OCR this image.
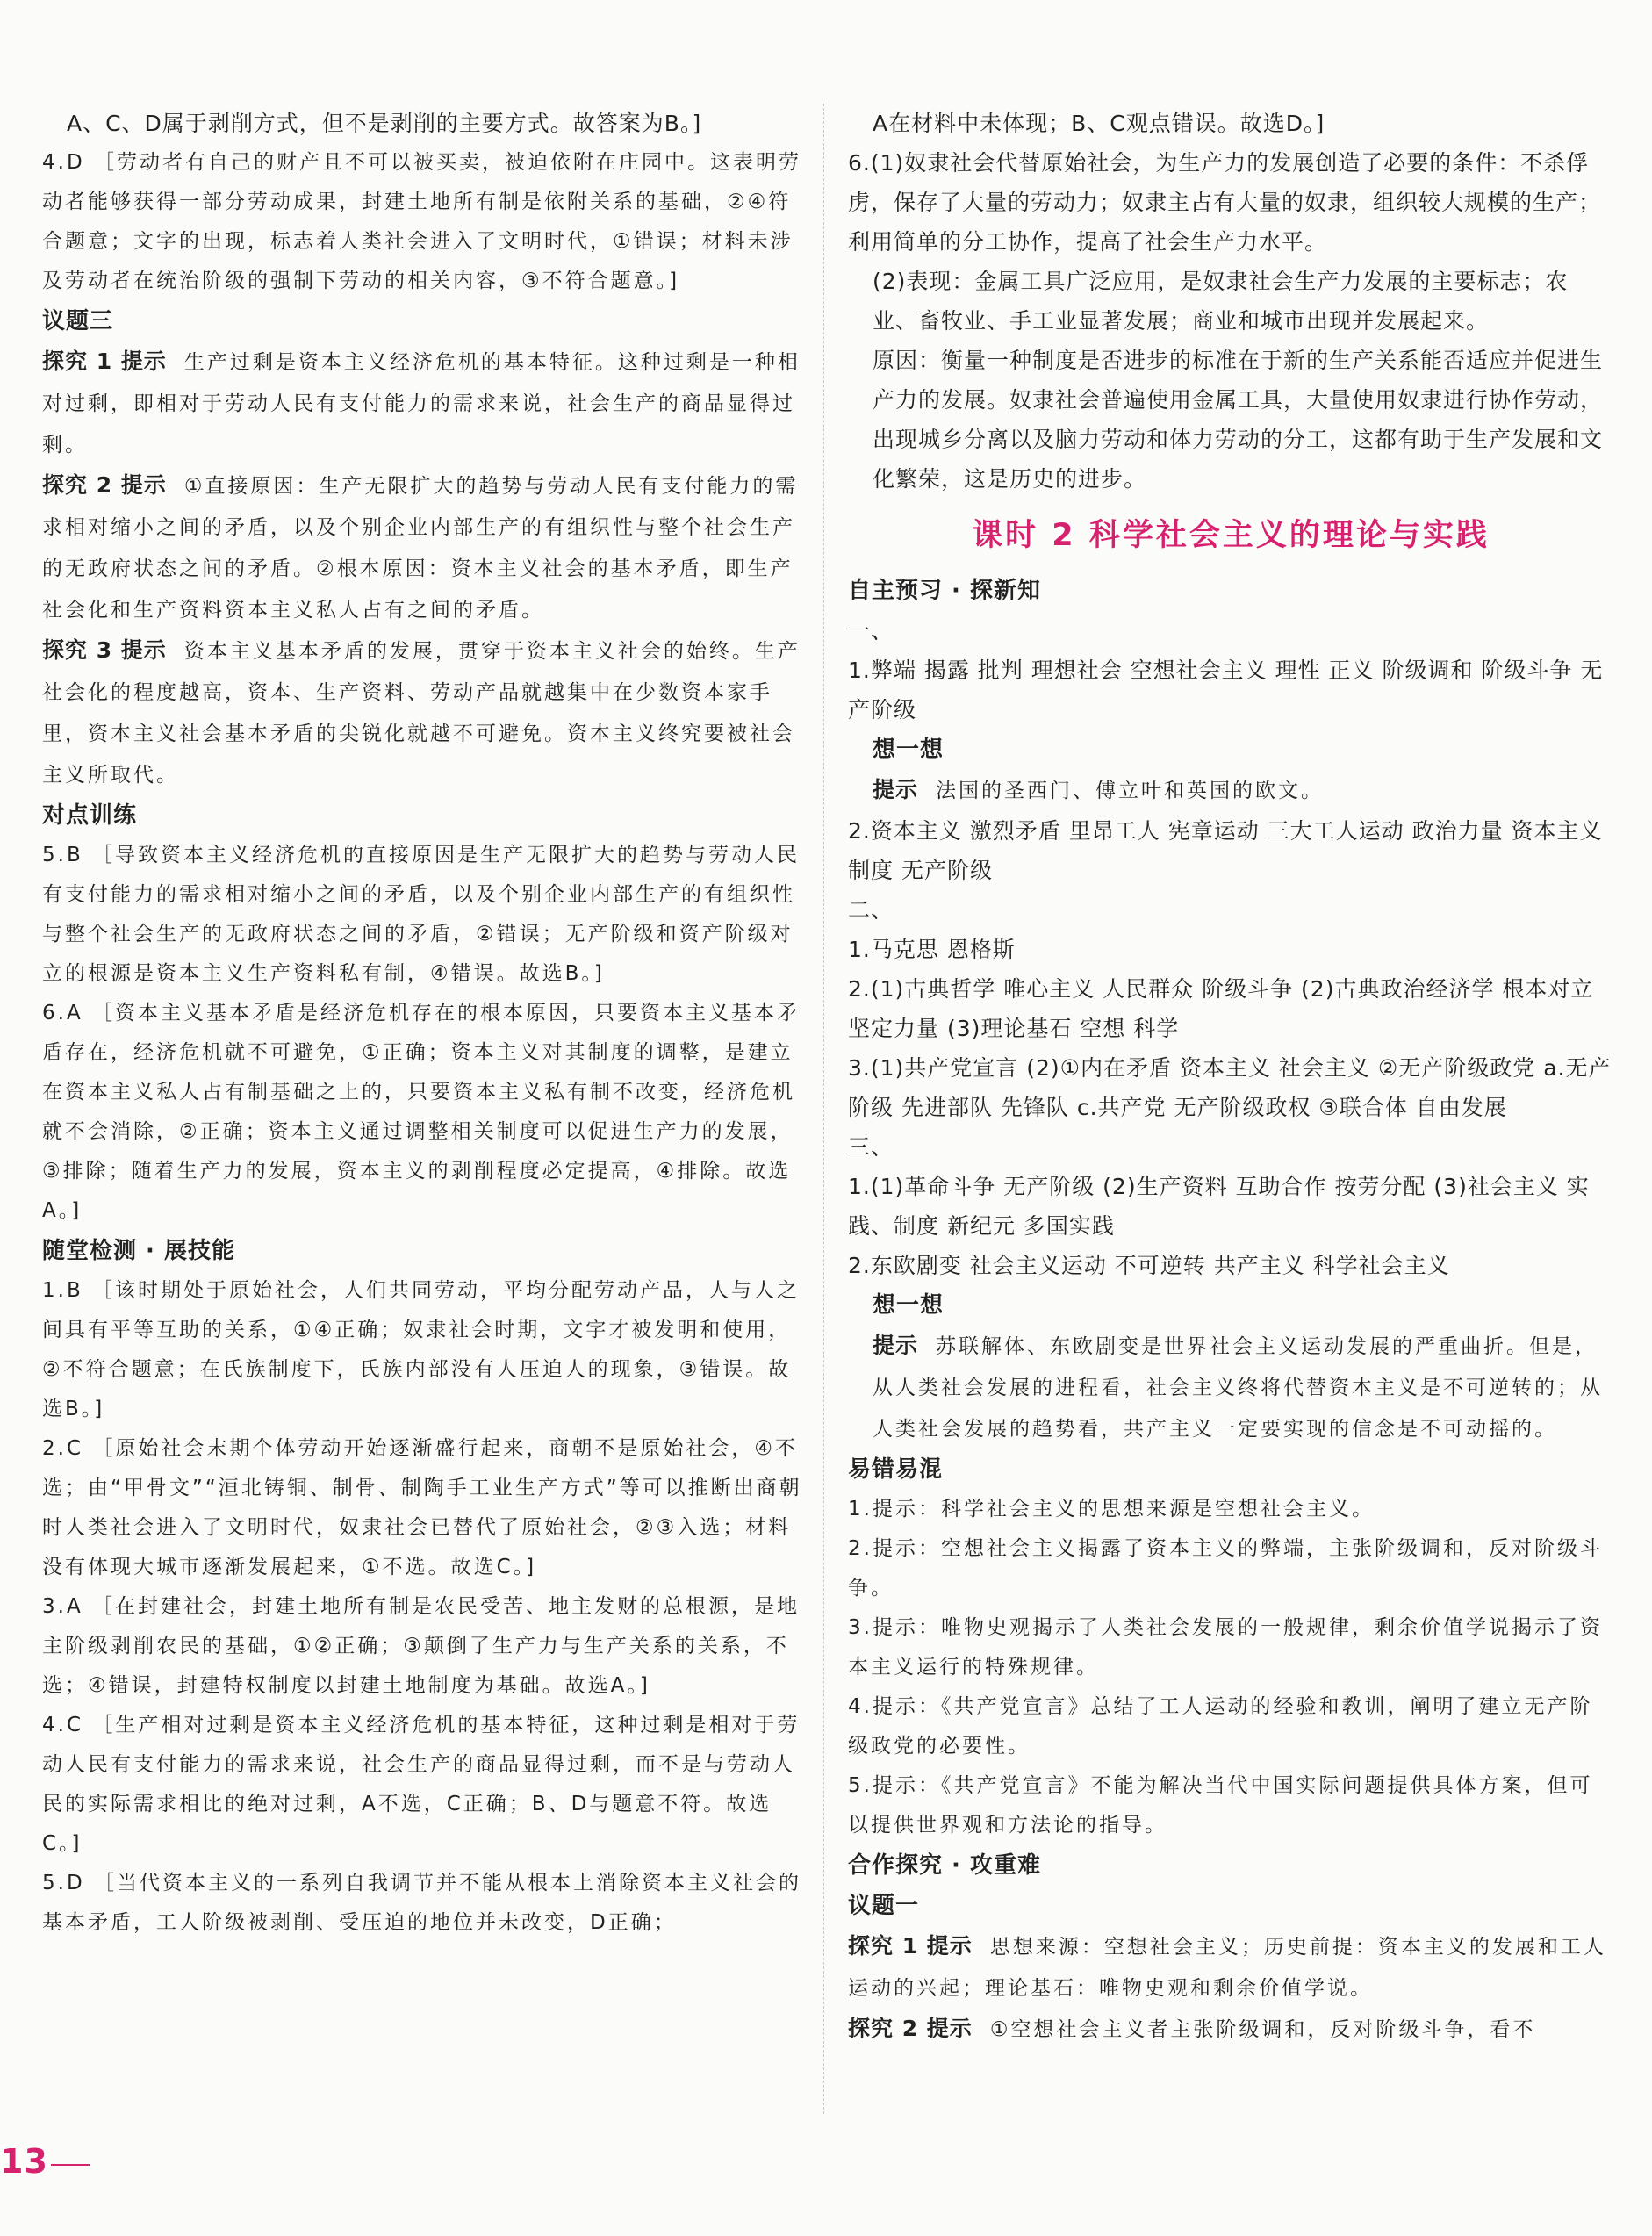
A、C、D属于剥削方式，但不是剥削的主要方式。故答案为B。]

4.D ［劳动者有自己的财产且不可以被买卖，被迫依附在庄园中。这表明劳动者能够获得一部分劳动成果，封建土地所有制是依附关系的基础，②④符合题意；文字的出现，标志着人类社会进入了文明时代，①错误；材料未涉及劳动者在统治阶级的强制下劳动的相关内容，③不符合题意。]

议题三

探究 1 提示 生产过剩是资本主义经济危机的基本特征。这种过剩是一种相对过剩，即相对于劳动人民有支付能力的需求来说，社会生产的商品显得过剩。

探究 2 提示 ①直接原因：生产无限扩大的趋势与劳动人民有支付能力的需求相对缩小之间的矛盾，以及个别企业内部生产的有组织性与整个社会生产的无政府状态之间的矛盾。②根本原因：资本主义社会的基本矛盾，即生产社会化和生产资料资本主义私人占有之间的矛盾。

探究 3 提示 资本主义基本矛盾的发展，贯穿于资本主义社会的始终。生产社会化的程度越高，资本、生产资料、劳动产品就越集中在少数资本家手里，资本主义社会基本矛盾的尖锐化就越不可避免。资本主义终究要被社会主义所取代。

对点训练

5.B ［导致资本主义经济危机的直接原因是生产无限扩大的趋势与劳动人民有支付能力的需求相对缩小之间的矛盾，以及个别企业内部生产的有组织性与整个社会生产的无政府状态之间的矛盾，②错误；无产阶级和资产阶级对立的根源是资本主义生产资料私有制，④错误。故选B。]

6.A ［资本主义基本矛盾是经济危机存在的根本原因，只要资本主义基本矛盾存在，经济危机就不可避免，①正确；资本主义对其制度的调整，是建立在资本主义私人占有制基础之上的，只要资本主义私有制不改变，经济危机就不会消除，②正确；资本主义通过调整相关制度可以促进生产力的发展，③排除；随着生产力的发展，资本主义的剥削程度必定提高，④排除。故选A。]

随堂检测 · 展技能

1.B ［该时期处于原始社会，人们共同劳动，平均分配劳动产品，人与人之间具有平等互助的关系，①④正确；奴隶社会时期，文字才被发明和使用，②不符合题意；在氏族制度下，氏族内部没有人压迫人的现象，③错误。故选B。]

2.C ［原始社会末期个体劳动开始逐渐盛行起来，商朝不是原始社会，④不选；由“甲骨文”“洹北铸铜、制骨、制陶手工业生产方式”等可以推断出商朝时人类社会进入了文明时代，奴隶社会已替代了原始社会，②③入选；材料没有体现大城市逐渐发展起来，①不选。故选C。]

3.A ［在封建社会，封建土地所有制是农民受苦、地主发财的总根源，是地主阶级剥削农民的基础，①②正确；③颠倒了生产力与生产关系的关系，不选；④错误，封建特权制度以封建土地制度为基础。故选A。]

4.C ［生产相对过剩是资本主义经济危机的基本特征，这种过剩是相对于劳动人民有支付能力的需求来说，社会生产的商品显得过剩，而不是与劳动人民的实际需求相比的绝对过剩，A不选，C正确；B、D与题意不符。故选C。]

5.D ［当代资本主义的一系列自我调节并不能从根本上消除资本主义社会的基本矛盾，工人阶级被剥削、受压迫的地位并未改变，D正确；

A在材料中未体现；B、C观点错误。故选D。]

6.(1)奴隶社会代替原始社会，为生产力的发展创造了必要的条件：不杀俘虏，保存了大量的劳动力；奴隶主占有大量的奴隶，组织较大规模的生产；利用简单的分工协作，提高了社会生产力水平。

(2)表现：金属工具广泛应用，是奴隶社会生产力发展的主要标志；农业、畜牧业、手工业显著发展；商业和城市出现并发展起来。

原因：衡量一种制度是否进步的标准在于新的生产关系能否适应并促进生产力的发展。奴隶社会普遍使用金属工具，大量使用奴隶进行协作劳动，出现城乡分离以及脑力劳动和体力劳动的分工，这都有助于生产发展和文化繁荣，这是历史的进步。

课时 2 科学社会主义的理论与实践
自主预习 · 探新知

一、

1.弊端 揭露 批判 理想社会 空想社会主义 理性 正义 阶级调和 阶级斗争 无产阶级

想一想

提示 法国的圣西门、傅立叶和英国的欧文。

2.资本主义 激烈矛盾 里昂工人 宪章运动 三大工人运动 政治力量 资本主义制度 无产阶级

二、

1.马克思 恩格斯

2.(1)古典哲学 唯心主义 人民群众 阶级斗争 (2)古典政治经济学 根本对立 坚定力量 (3)理论基石 空想 科学

3.(1)共产党宣言 (2)①内在矛盾 资本主义 社会主义 ②无产阶级政党 a.无产阶级 先进部队 先锋队 c.共产党 无产阶级政权 ③联合体 自由发展

三、

1.(1)革命斗争 无产阶级 (2)生产资料 互助合作 按劳分配 (3)社会主义 实践、制度 新纪元 多国实践

2.东欧剧变 社会主义运动 不可逆转 共产主义 科学社会主义

想一想

提示 苏联解体、东欧剧变是世界社会主义运动发展的严重曲折。但是，从人类社会发展的进程看，社会主义终将代替资本主义是不可逆转的；从人类社会发展的趋势看，共产主义一定要实现的信念是不可动摇的。

易错易混

1.提示：科学社会主义的思想来源是空想社会主义。

2.提示：空想社会主义揭露了资本主义的弊端，主张阶级调和，反对阶级斗争。

3.提示：唯物史观揭示了人类社会发展的一般规律，剩余价值学说揭示了资本主义运行的特殊规律。

4.提示：《共产党宣言》总结了工人运动的经验和教训，阐明了建立无产阶级政党的必要性。

5.提示：《共产党宣言》不能为解决当代中国实际问题提供具体方案，但可以提供世界观和方法论的指导。

合作探究 · 攻重难
议题一

探究 1 提示 思想来源：空想社会主义；历史前提：资本主义的发展和工人运动的兴起；理论基石：唯物史观和剩余价值学说。

探究 2 提示 ①空想社会主义者主张阶级调和，反对阶级斗争，看不

13
